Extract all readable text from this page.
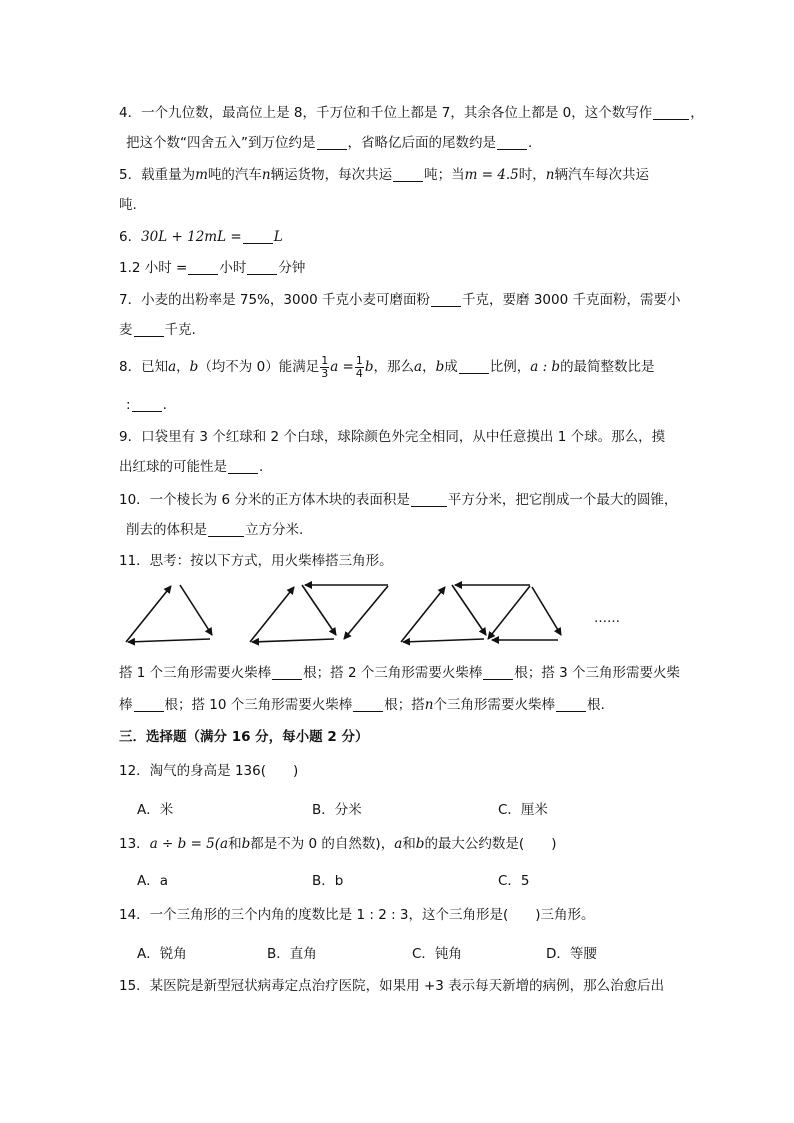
4．一个九位数，最高位上是 8，千万位和千位上都是 7，其余各位上都是 0，这个数写作	，
把这个数“四舍五入”到万位约是 ，省略亿后面的尾数约是 .
5．载重量为m吨的汽车n辆运货物，每次共运 吨；当m = 4.5时，n辆汽车每次共运
吨.
6．30L + 12mL = L
1.2 小时 = 小时 分钟
7．小麦的出粉率是 75%，3000 千克小麦可磨面粉 千克，要磨 3000 千克面粉，需要小
麦 千克.
8．已知a，b（均不为 0）能满足 $\frac{1}{3}$ $a = \frac{1}{4}$ b，那么a，b成 比例，a : b的最简整数比是
: .
9．口袋里有 3 个红球和 2 个白球，球除颜色外完全相同，从中任意摸出 1 个球。那么，摸
出红球的可能性是 .
10．一个棱长为 6 分米的正方体木块的表面积是	平方分米，把它削成一个最大的圆锥，
削去的体积是	立方分米.
11．思考：按以下方式，用火柴棒搭三角形。
……
搭 1 个三角形需要火柴棒 根；搭 2 个三角形需要火柴棒 根；搭 3 个三角形需要火柴
棒 根；搭 10 个三角形需要火柴棒 根；搭n个三角形需要火柴棒 根.
三．选择题（满分 16 分，每小题 2 分）
12．淘气的身高是 136(　　)
A．米	B．分米	C．厘米
13．a ÷ b = 5(a和b都是不为 0 的自然数)，a和b的最大公约数是(　　)
A．a	B．b	C．5
14．一个三角形的三个内角的度数比是 1 : 2 : 3，这个三角形是(　　)三角形。
A．锐角	B．直角	C．钝角	D．等腰
15．某医院是新型冠状病毒定点治疗医院，如果用 +3 表示每天新增的病例，那么治愈后出
